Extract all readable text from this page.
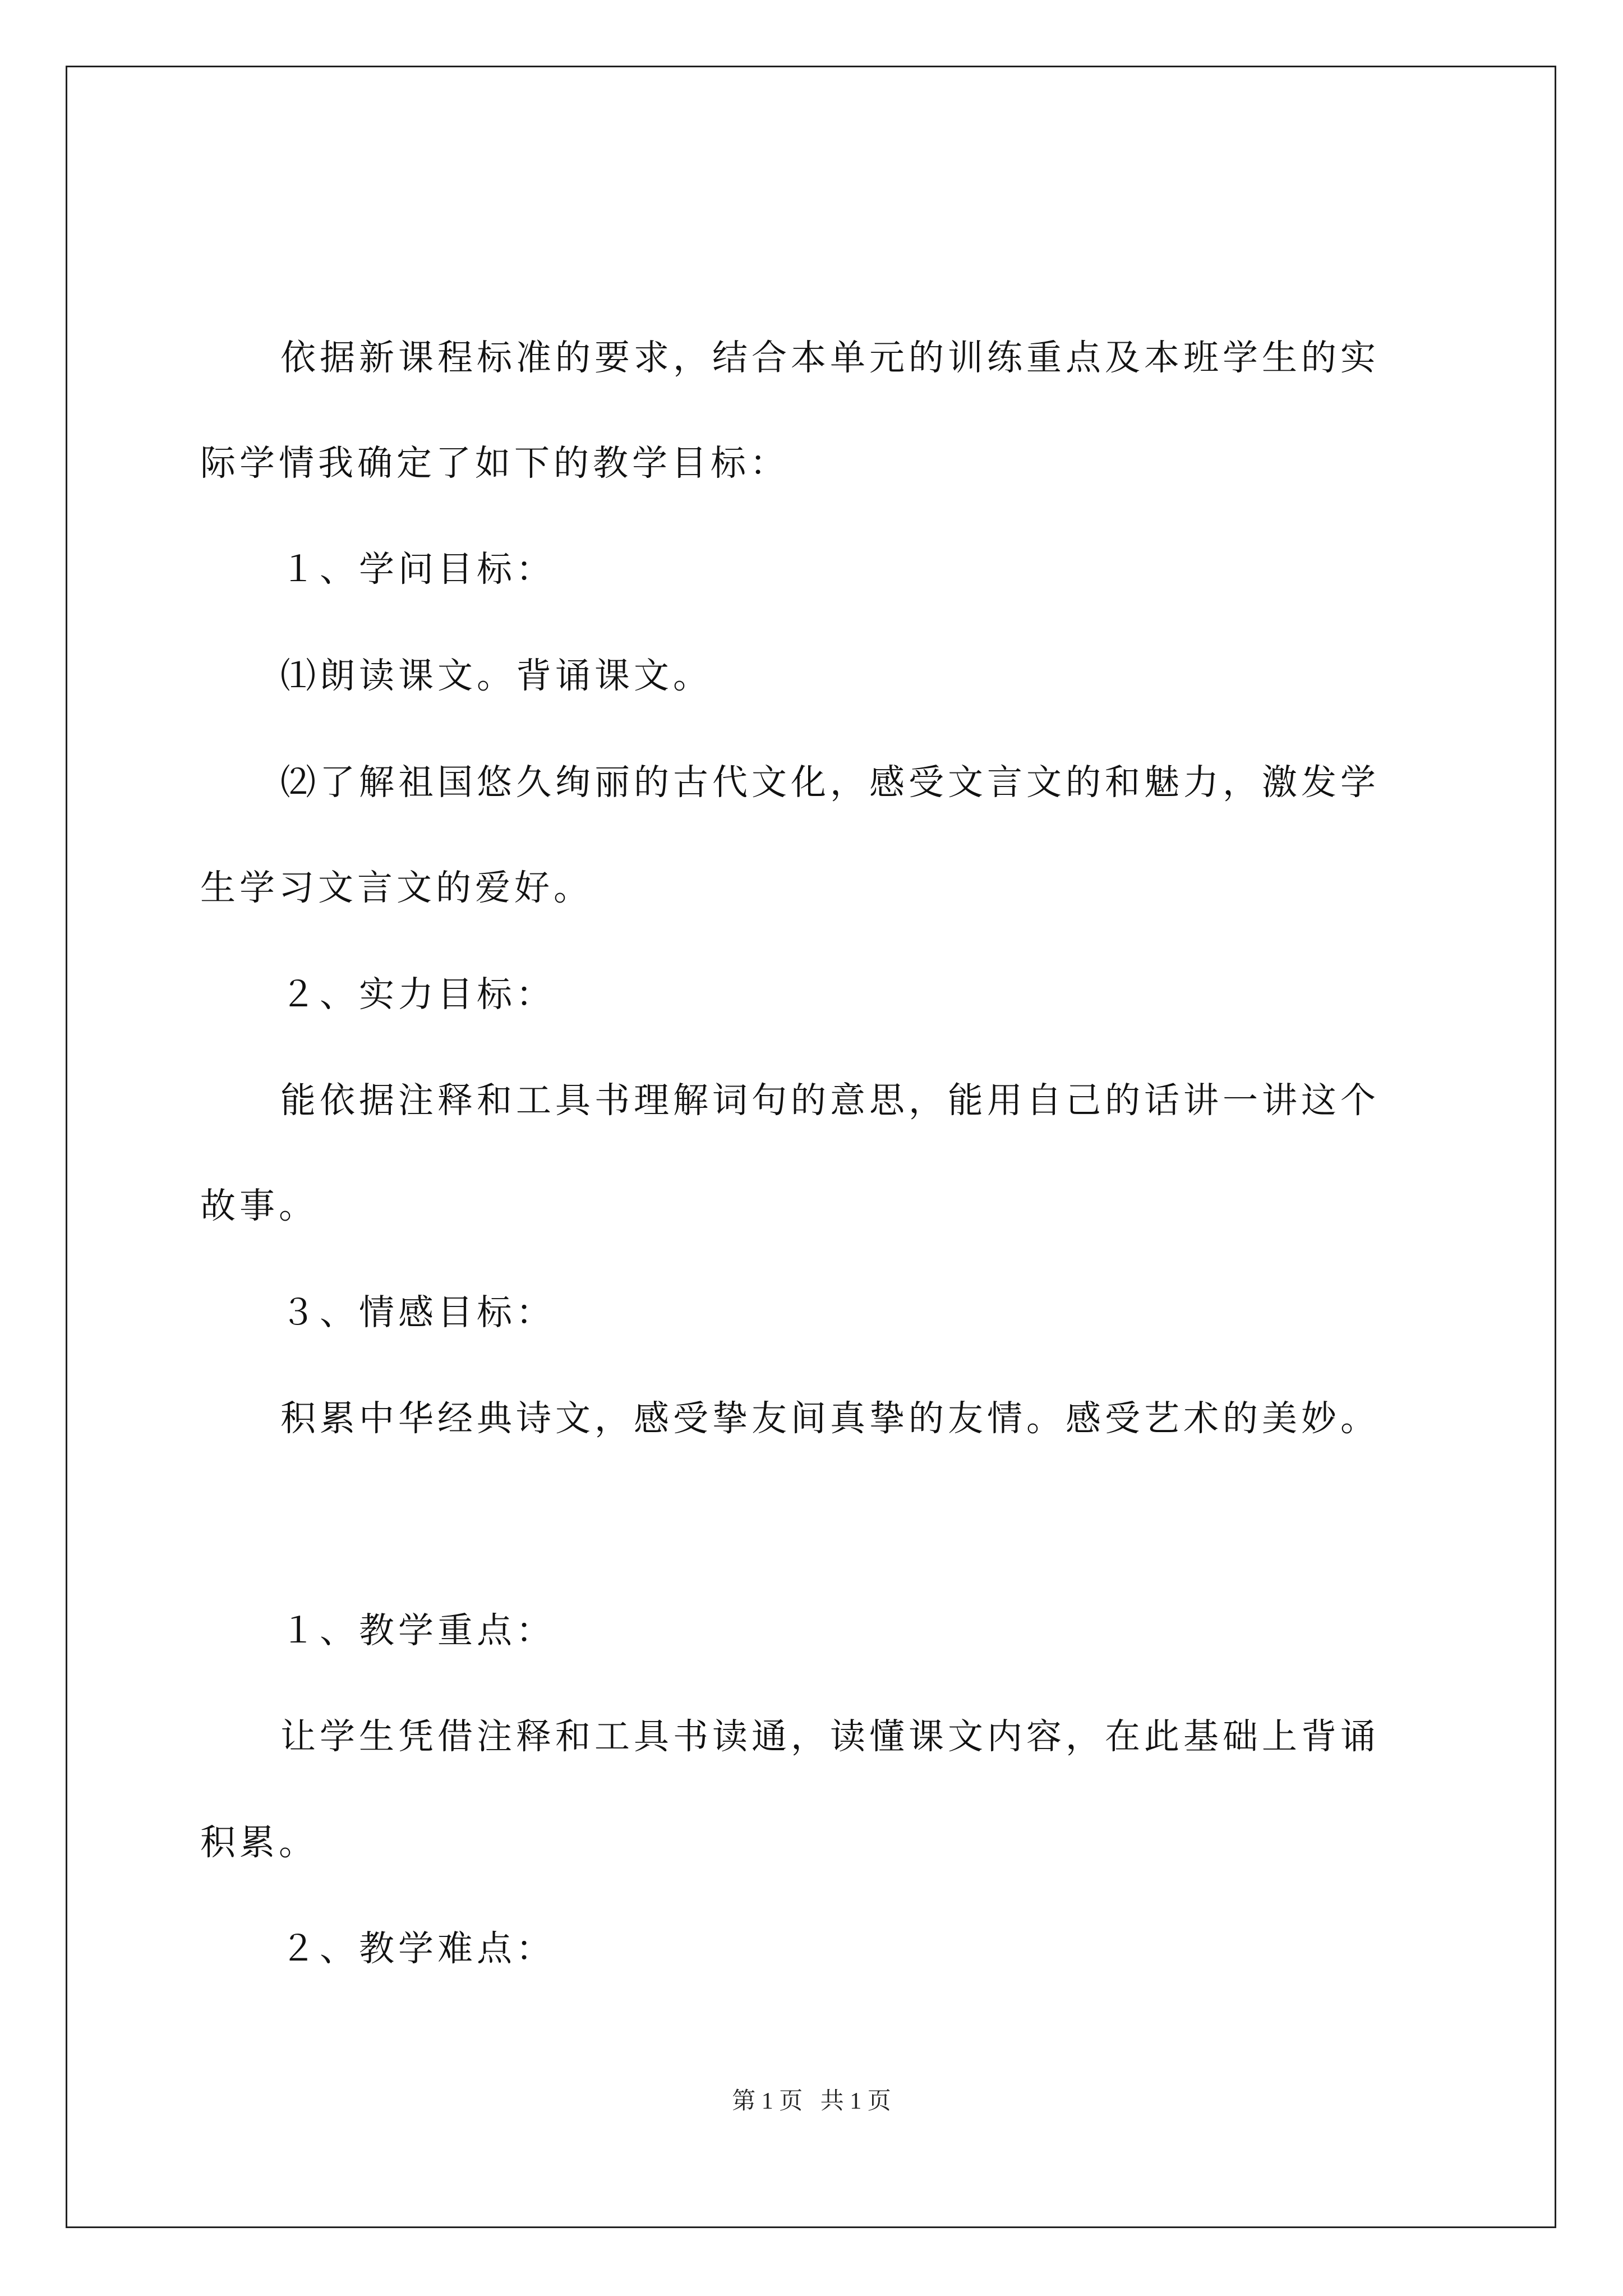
依据新课程标准的要求，结合本单元的训练重点及本班学生的实
际学情我确定了如下的教学目标：
１、学问目标：
⑴朗读课文。背诵课文。
⑵了解祖国悠久绚丽的古代文化，感受文言文的和魅力，激发学
生学习文言文的爱好。
２、实力目标：
能依据注释和工具书理解词句的意思，能用自己的话讲一讲这个
故事。
３、情感目标：
积累中华经典诗文，感受挚友间真挚的友情。感受艺术的美妙。
１、教学重点：
让学生凭借注释和工具书读通，读懂课文内容，在此基础上背诵
积累。
２、教学难点：
第 1 页   共 1 页
